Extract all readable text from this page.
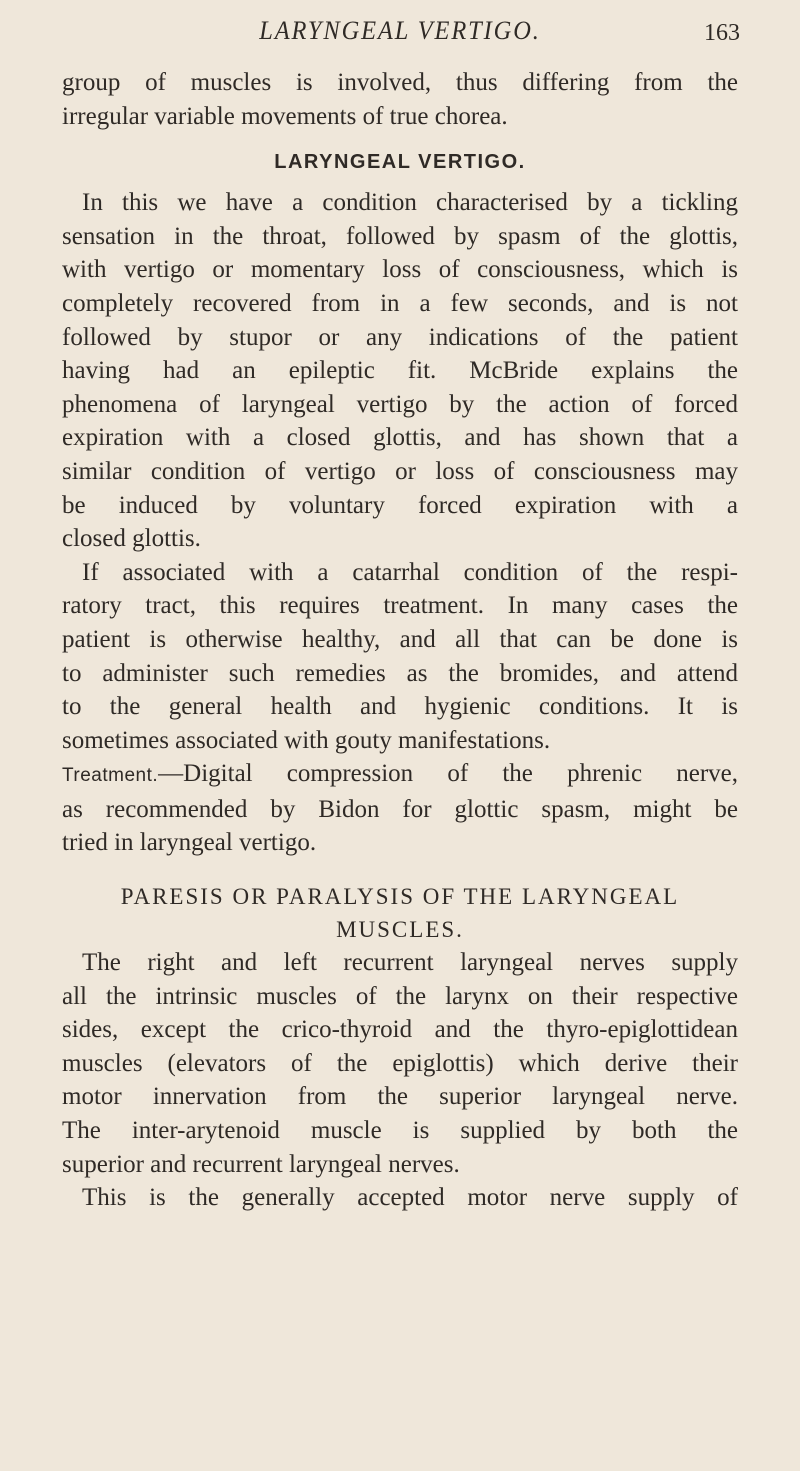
LARYNGEAL VERTIGO.	163

group of muscles is involved, thus differing from the
irregular variable movements of true chorea.

LARYNGEAL VERTIGO.

In this we have a condition characterised by a tickling
sensation in the throat, followed by spasm of the glottis,
with vertigo or momentary loss of consciousness, which is
completely recovered from in a few seconds, and is not
followed by stupor or any indications of the patient
having had an epileptic fit. McBride explains the
phenomena of laryngeal vertigo by the action of forced
expiration with a closed glottis, and has shown that a
similar condition of vertigo or loss of consciousness may
be induced by voluntary forced expiration with a
closed glottis.

If associated with a catarrhal condition of the respi-
ratory tract, this requires treatment. In many cases the
patient is otherwise healthy, and all that can be done is
to administer such remedies as the bromides, and attend
to the general health and hygienic conditions. It is
sometimes associated with gouty manifestations.

Treatment.—Digital compression of the phrenic nerve,
as recommended by Bidon for glottic spasm, might be
tried in laryngeal vertigo.

PARESIS OR PARALYSIS OF THE LARYNGEAL
MUSCLES.

The right and left recurrent laryngeal nerves supply
all the intrinsic muscles of the larynx on their respective
sides, except the crico-thyroid and the thyro-epiglottidean
muscles (elevators of the epiglottis) which derive their
motor innervation from the superior laryngeal nerve.
The inter-arytenoid muscle is supplied by both the
superior and recurrent laryngeal nerves.

This is the generally accepted motor nerve supply of
